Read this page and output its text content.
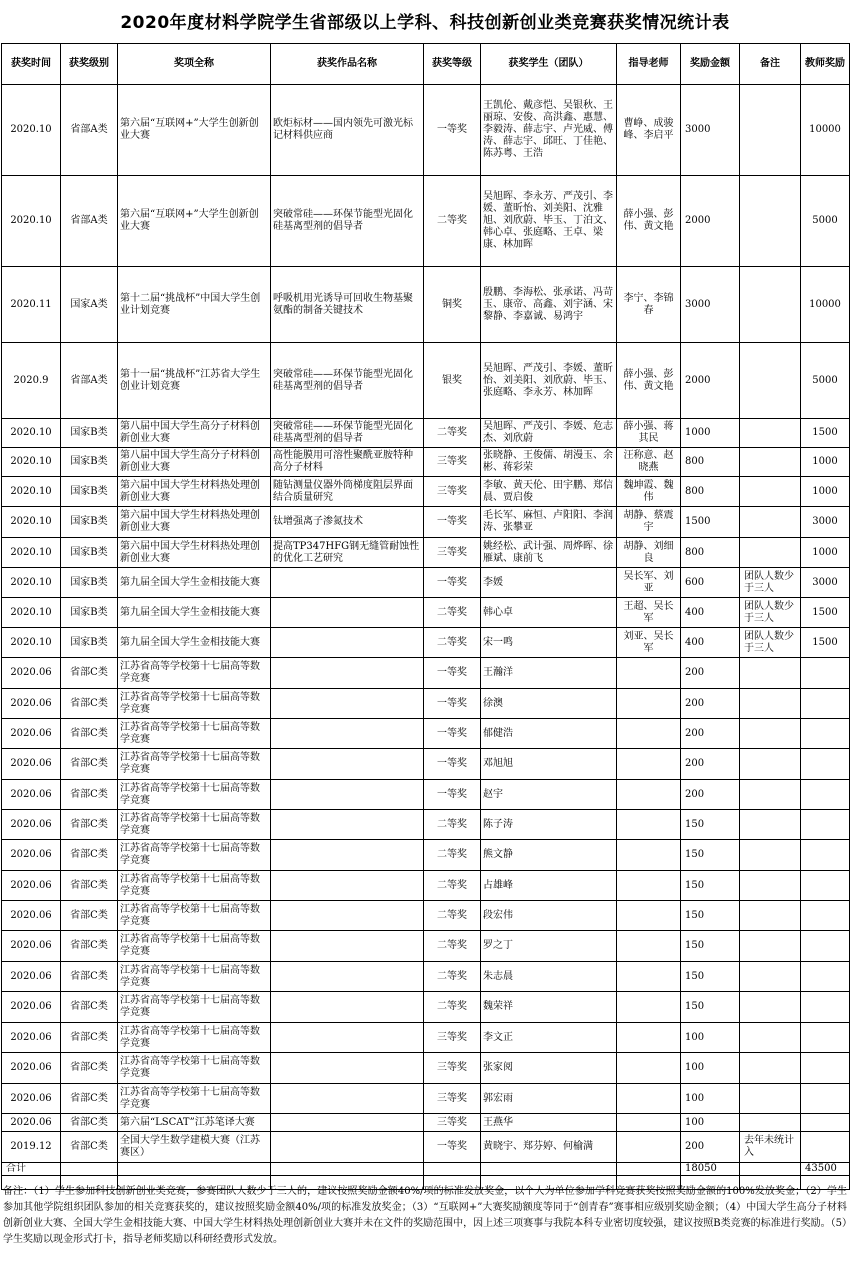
2020年度材料学院学生省部级以上学科、科技创新创业类竞赛获奖情况统计表
获奖时间	获奖级别	奖项全称	获奖作品名称	获奖等级	获奖学生（团队）	指导老师	奖励金额	备注	教师奖励
2020.10	省部A类	第六届“互联网+”大学生创新创业大赛	欧炬标材——国内领先可激光标记材料供应商	一等奖	王凯伦、戴彦恺、吴银秋、王丽琼、安俊、高洪鑫、惠慧、李毅涛、薛志宇、卢光威、傅涛、薛志宇、邱旺、丁佳艳、陈苏粤、王浩	曹峥、成骏峰、李启平	3000		10000
2020.10	省部A类	第六届“互联网+”大学生创新创业大赛	突破常硅——环保节能型光固化硅基离型剂的倡导者	二等奖	吴旭晖、李永芳、严茂引、李媛、董昕怡、刘美阳、沈雅旭、刘欣蔚、毕玉、丁泊文、韩心卓、张庭略、王卓、梁康、林加晖	薛小强、彭伟、黄文艳	2000		5000
2020.11	国家A类	第十二届“挑战杯”中国大学生创业计划竞赛	呼吸机用光诱导可回收生物基聚氨酯的制备关键技术	铜奖	殷鹏、李海松、张承诺、冯苛玉、康帝、高鑫、刘宇涵、宋黎静、李嘉诚、易鸿宇	李宁、李锦春	3000		10000
2020.9	省部A类	第十一届“挑战杯”江苏省大学生创业计划竞赛	突破常硅——环保节能型光固化硅基离型剂的倡导者	银奖	吴旭晖、严茂引、李媛、董昕怡、刘美阳、刘欣蔚、毕玉、张庭略、李永芳、林加晖	薛小强、彭伟、黄文艳	2000		5000
2020.10	国家B类	第八届中国大学生高分子材料创新创业大赛	突破常硅——环保节能型光固化硅基离型剂的倡导者	二等奖	吴旭晖、严茂引、李媛、危志杰、刘欣蔚	薛小强、蒋其民	1000		1500
2020.10	国家B类	第八届中国大学生高分子材料创新创业大赛	高性能膜用可溶性聚酰亚胺特种高分子材料	三等奖	张晓静、王俊儒、胡漫玉、余彬、蒋彩荣	汪称意、赵晓燕	800		1000
2020.10	国家B类	第六届中国大学生材料热处理创新创业大赛	随钻测量仪器外筒梯度阻层界面结合质量研究	三等奖	李敏、黄天伦、田宇鹏、郑信晨、贾启俊	魏坤霞、魏伟	800		1000
2020.10	国家B类	第六届中国大学生材料热处理创新创业大赛	钛增强离子渗氮技术	一等奖	毛长军、麻恒、卢阳阳、李润涛、张攀亚	胡静、蔡震宇	1500		3000
2020.10	国家B类	第六届中国大学生材料热处理创新创业大赛	提高TP347HFG钢无缝管耐蚀性的优化工艺研究	三等奖	姚经松、武计强、周烨晖、徐雁斌、康前飞	胡静、刘细良	800		1000
2020.10	国家B类	第九届全国大学生金相技能大赛		一等奖	李媛	吴长军、刘亚	600	团队人数少于三人	3000
2020.10	国家B类	第九届全国大学生金相技能大赛		二等奖	韩心卓	王超、吴长军	400	团队人数少于三人	1500
2020.10	国家B类	第九届全国大学生金相技能大赛		二等奖	宋一鸣	刘亚、吴长军	400	团队人数少于三人	1500
2020.06	省部C类	江苏省高等学校第十七届高等数学竞赛		一等奖	王瀚洋		200		
2020.06	省部C类	江苏省高等学校第十七届高等数学竞赛		一等奖	徐澳		200		
2020.06	省部C类	江苏省高等学校第十七届高等数学竞赛		一等奖	郁健浩		200		
2020.06	省部C类	江苏省高等学校第十七届高等数学竞赛		一等奖	邓旭旭		200		
2020.06	省部C类	江苏省高等学校第十七届高等数学竞赛		一等奖	赵宇		200		
2020.06	省部C类	江苏省高等学校第十七届高等数学竞赛		二等奖	陈子涛		150		
2020.06	省部C类	江苏省高等学校第十七届高等数学竞赛		二等奖	熊文静		150		
2020.06	省部C类	江苏省高等学校第十七届高等数学竞赛		二等奖	占雄峰		150		
2020.06	省部C类	江苏省高等学校第十七届高等数学竞赛		二等奖	段宏伟		150		
2020.06	省部C类	江苏省高等学校第十七届高等数学竞赛		二等奖	罗之丁		150		
2020.06	省部C类	江苏省高等学校第十七届高等数学竞赛		二等奖	朱志晨		150		
2020.06	省部C类	江苏省高等学校第十七届高等数学竞赛		二等奖	魏荣祥		150		
2020.06	省部C类	江苏省高等学校第十七届高等数学竞赛		三等奖	李文正		100		
2020.06	省部C类	江苏省高等学校第十七届高等数学竞赛		三等奖	张家阅		100		
2020.06	省部C类	江苏省高等学校第十七届高等数学竞赛		三等奖	郭宏雨		100		
2020.06	省部C类	第六届“LSCAT”江苏笔译大赛		三等奖	王燕华		100		
2019.12	省部C类	全国大学生数学建模大赛（江苏赛区）		一等奖	黄晓宇、郑芬婷、何榆满		200	去年未统计入	
合计							18050		43500

备注：（1）学生参加科技创新创业类竞赛，参赛团队人数少于三人的，建议按照奖励金额40%/项的标准发放奖金，以个人为单位参加学科竞赛获奖按照奖励金额的100%发放奖金；（2）学生参加其他学院组织团队参加的相关竞赛获奖的，建议按照奖励金额40%/项的标准发放奖金；（3）“互联网+”大赛奖励额度等同于“创青春”赛事相应级别奖励金额；（4）中国大学生高分子材料创新创业大赛、全国大学生金相技能大赛、中国大学生材料热处理创新创业大赛并未在文件的奖励范围中，因上述三项赛事与我院本科专业密切度较强，建议按照B类竞赛的标准进行奖励。（5）学生奖励以现金形式打卡，指导老师奖励以科研经费形式发放。
